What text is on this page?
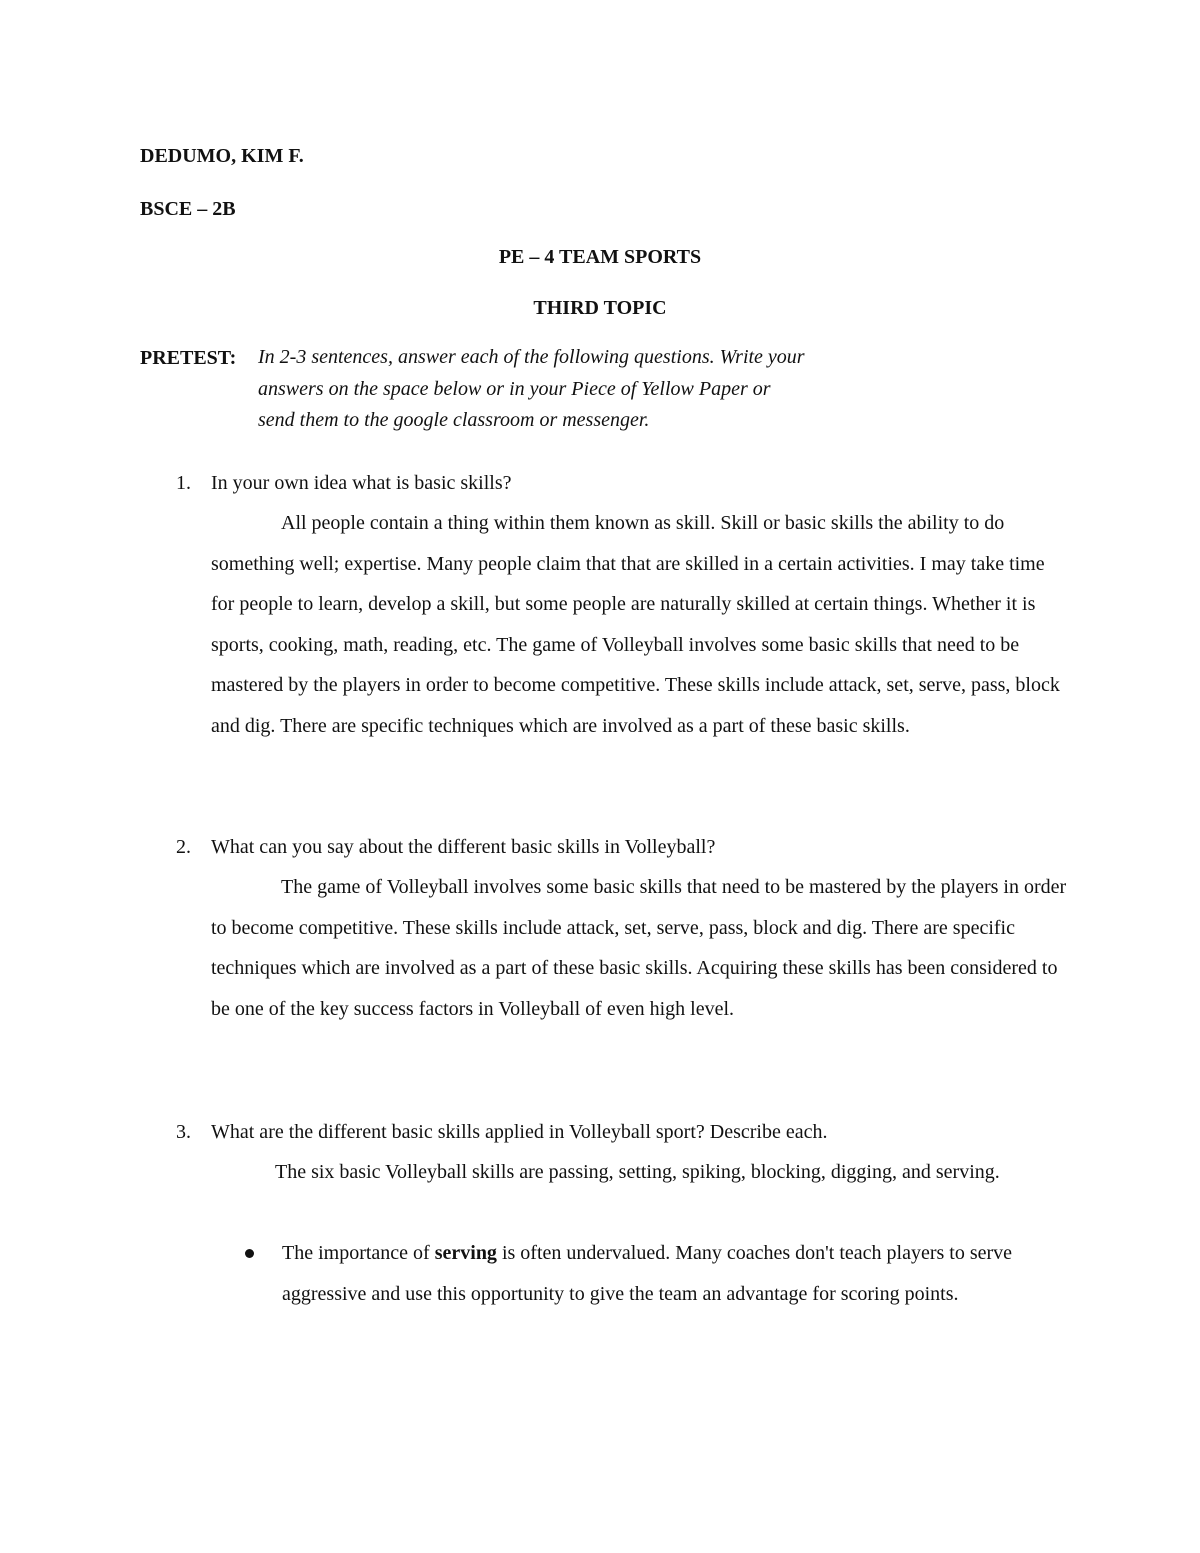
DEDUMO, KIM F.
BSCE – 2B
PE – 4 TEAM SPORTS
THIRD TOPIC
PRETEST: In 2-3 sentences, answer each of the following questions. Write your
answers on the space below or in your Piece of Yellow Paper or
send them to the google classroom or messenger.
1. In your own idea what is basic skills?
All people contain a thing within them known as skill. Skill or basic skills the ability to do something well; expertise. Many people claim that that are skilled in a certain activities. I may take time for people to learn, develop a skill, but some people are naturally skilled at certain things. Whether it is sports, cooking, math, reading, etc. The game of Volleyball involves some basic skills that need to be mastered by the players in order to become competitive. These skills include attack, set, serve, pass, block and dig. There are specific techniques which are involved as a part of these basic skills.
2. What can you say about the different basic skills in Volleyball?
The game of Volleyball involves some basic skills that need to be mastered by the players in order to become competitive. These skills include attack, set, serve, pass, block and dig. There are specific techniques which are involved as a part of these basic skills. Acquiring these skills has been considered to be one of the key success factors in Volleyball of even high level.
3. What are the different basic skills applied in Volleyball sport? Describe each.
The six basic Volleyball skills are passing, setting, spiking, blocking, digging, and serving.
The importance of serving is often undervalued. Many coaches don't teach players to serve aggressive and use this opportunity to give the team an advantage for scoring points.
